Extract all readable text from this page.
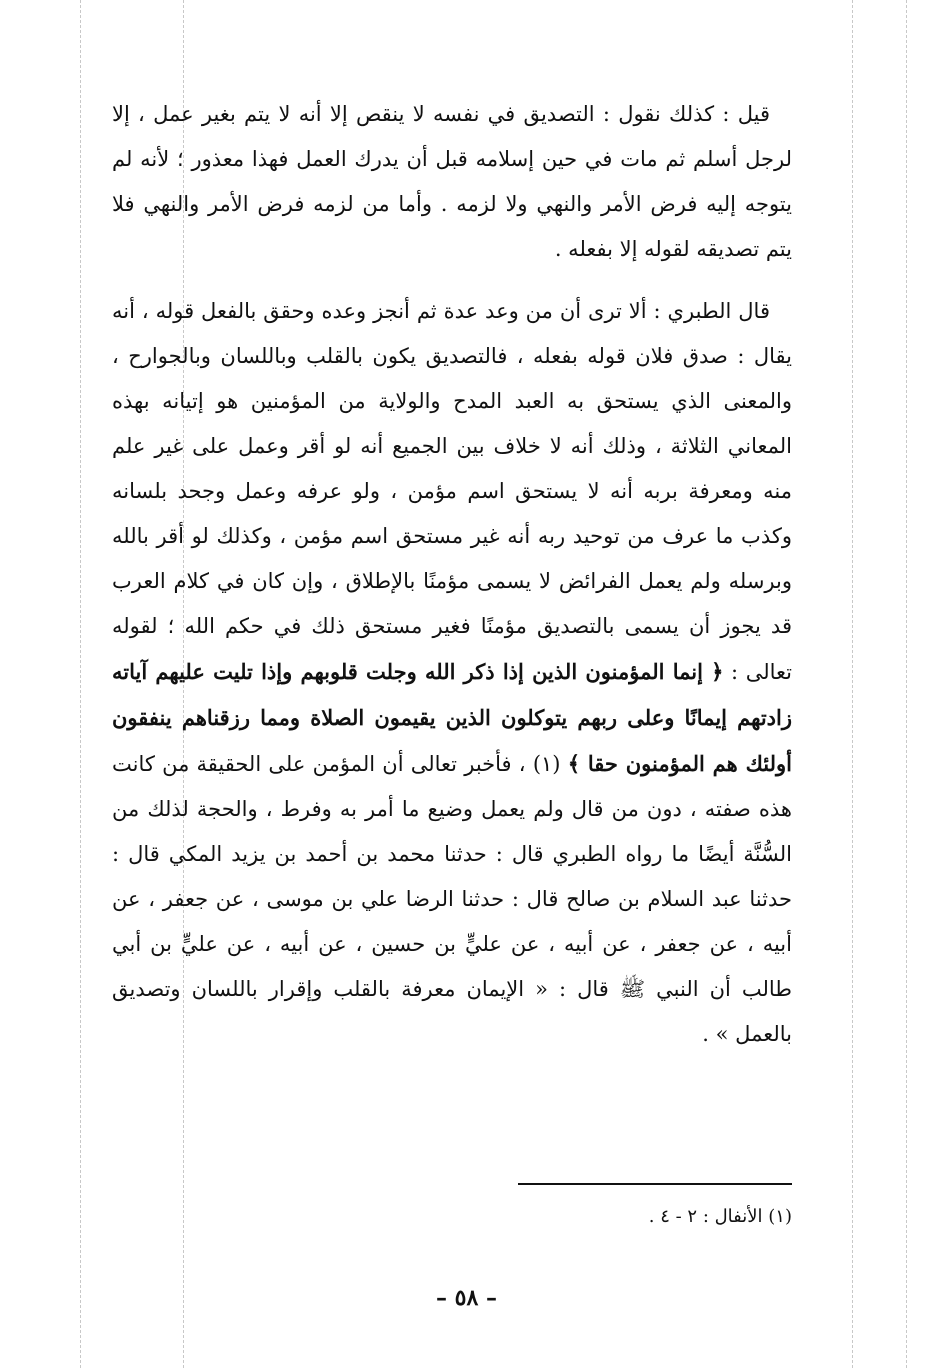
قيل : كذلك نقول : التصديق في نفسه لا ينقص إلا أنه لا يتم بغير عمل ، إلا لرجل أسلم ثم مات في حين إسلامه قبل أن يدرك العمل فهذا معذور ؛ لأنه لم يتوجه إليه فرض الأمر والنهي ولا لزمه . وأما من لزمه فرض الأمر والنهي فلا يتم تصديقه لقوله إلا بفعله .

قال الطبري : ألا ترى أن من وعد عدة ثم أنجز وعده وحقق بالفعل قوله ، أنه يقال : صدق فلان قوله بفعله ، فالتصديق يكون بالقلب وباللسان وبالجوارح ، والمعنى الذي يستحق به العبد المدح والولاية من المؤمنين هو إتيانه بهذه المعاني الثلاثة ، وذلك أنه لا خلاف بين الجميع أنه لو أقر وعمل على غير علم منه ومعرفة بربه أنه لا يستحق اسم مؤمن ، ولو عرفه وعمل وجحد بلسانه وكذب ما عرف من توحيد ربه أنه غير مستحق اسم مؤمن ، وكذلك لو أقر بالله وبرسله ولم يعمل الفرائض لا يسمى مؤمنًا بالإطلاق ، وإن كان في كلام العرب قد يجوز أن يسمى بالتصديق مؤمنًا فغير مستحق ذلك في حكم الله ؛ لقوله تعالى : ﴿ إنما المؤمنون الذين إذا ذكر الله وجلت قلوبهم وإذا تليت عليهم آياته زادتهم إيمانًا وعلى ربهم يتوكلون الذين يقيمون الصلاة ومما رزقناهم ينفقون أولئك هم المؤمنون حقا ﴾ (١) ، فأخبر تعالى أن المؤمن على الحقيقة من كانت هذه صفته ، دون من قال ولم يعمل وضيع ما أمر به وفرط ، والحجة لذلك من السُّنَّة أيضًا ما رواه الطبري قال : حدثنا محمد بن أحمد بن يزيد المكي قال : حدثنا عبد السلام بن صالح قال : حدثنا الرضا علي بن موسى ، عن جعفر ، عن أبيه ، عن جعفر ، عن أبيه ، عن عليٍّ بن حسين ، عن أبيه ، عن عليٍّ بن أبي طالب أن النبي ﷺ قال : « الإيمان معرفة بالقلب وإقرار باللسان وتصديق بالعمل » .

(١) الأنفال : ٢ - ٤ .
– ٥٨ –
